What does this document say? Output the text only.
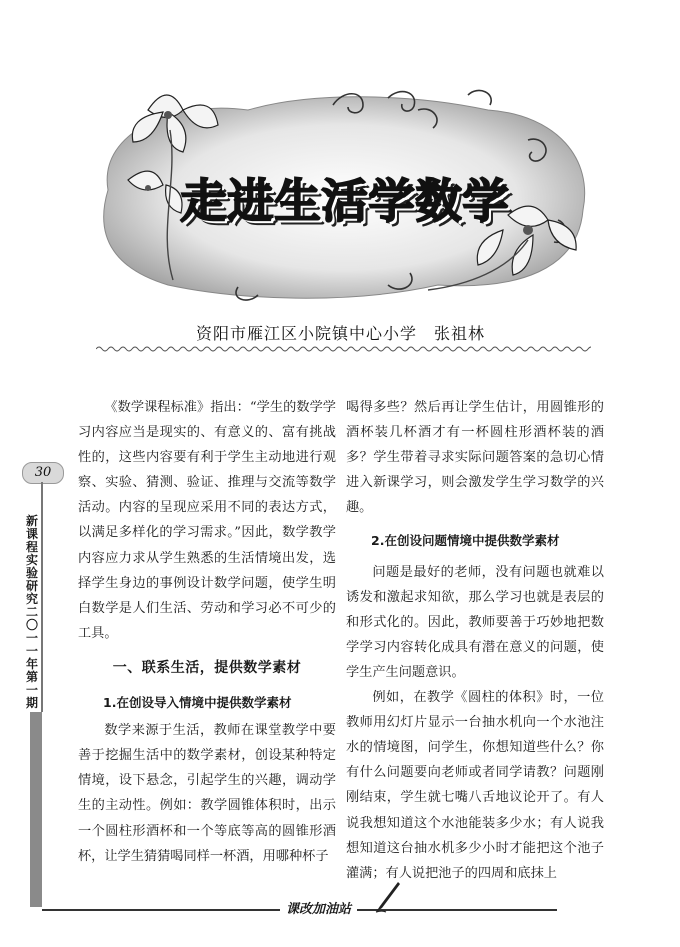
走进生活学数学
资阳市雁江区小院镇中心小学　张祖林
30
新课程实验研究 二〇一一年第一期

《数学课程标准》指出：“学生的数学学习内容应当是现实的、有意义的、富有挑战性的，这些内容要有利于学生主动地进行观察、实验、猜测、验证、推理与交流等数学活动。内容的呈现应采用不同的表达方式，以满足多样化的学习需求。”因此，数学教学内容应力求从学生熟悉的生活情境出发，选择学生身边的事例设计数学问题，使学生明白数学是人们生活、劳动和学习必不可少的工具。

一、联系生活，提供数学素材
1.在创设导入情境中提供数学素材

数学来源于生活，教师在课堂教学中要善于挖掘生活中的数学素材，创设某种特定情境，设下悬念，引起学生的兴趣，调动学生的主动性。例如：教学圆锥体积时，出示一个圆柱形酒杯和一个等底等高的圆锥形酒杯，让学生猜猜喝同样一杯酒，用哪种杯子

喝得多些？然后再让学生估计，用圆锥形的酒杯装几杯酒才有一杯圆柱形酒杯装的酒多？学生带着寻求实际问题答案的急切心情进入新课学习，则会激发学生学习数学的兴趣。

2.在创设问题情境中提供数学素材

问题是最好的老师，没有问题也就难以诱发和激起求知欲，那么学习也就是表层的和形式化的。因此，教师要善于巧妙地把数学学习内容转化成具有潜在意义的问题，使学生产生问题意识。

例如，在教学《圆柱的体积》时，一位教师用幻灯片显示一台抽水机向一个水池注水的情境图，问学生，你想知道些什么？你有什么问题要向老师或者同学请教？问题刚刚结束，学生就七嘴八舌地议论开了。有人说我想知道这个水池能装多少水；有人说我想知道这台抽水机多少小时才能把这个池子灌满；有人说把池子的四周和底抹上

课改加油站
